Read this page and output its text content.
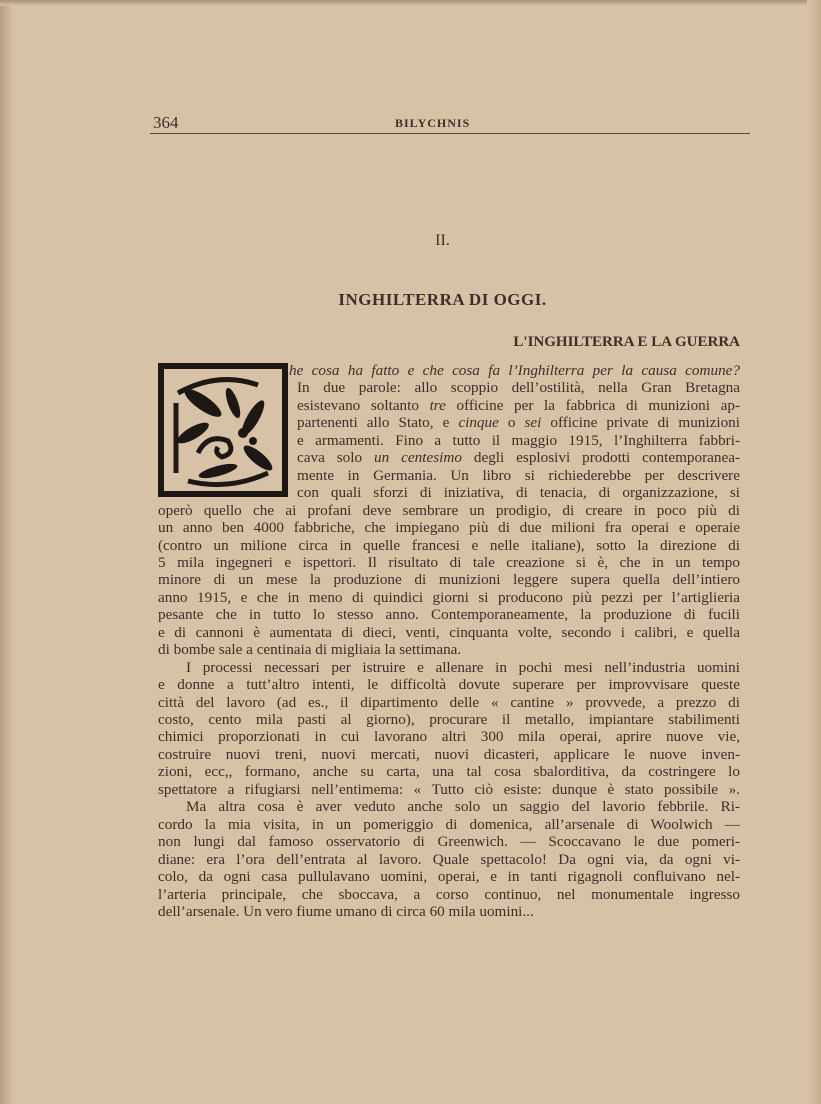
364	BILYCHNIS
II.
INGHILTERRA DI OGGI.
L'INGHILTERRA E LA GUERRA
he cosa ha fatto e che cosa fa l’Inghilterra per la causa comune?
In due parole: allo scoppio dell’ostilità, nella Gran Bretagna
esistevano soltanto tre officine per la fabbrica di munizioni ap-
partenenti allo Stato, e cinque o sei officine private di munizioni
e armamenti. Fino a tutto il maggio 1915, l’Inghilterra fabbri-
cava solo un centesimo degli esplosivi prodotti contemporanea-
mente in Germania. Un libro si richiederebbe per descrivere
con quali sforzi di iniziativa, di tenacia, di organizzazione, si
operò quello che ai profani deve sembrare un prodigio, di creare in poco più di
un anno ben 4000 fabbriche, che impiegano più di due milioni fra operai e operaie
(contro un milione circa in quelle francesi e nelle italiane), sotto la direzione di
5 mila ingegneri e ispettori. Il risultato di tale creazione si è, che in un tempo
minore di un mese la produzione di munizioni leggere supera quella dell’intiero
anno 1915, e che in meno di quindici giorni si producono più pezzi per l’artiglieria
pesante che in tutto lo stesso anno. Contemporaneamente, la produzione di fucili
e di cannoni è aumentata di dieci, venti, cinquanta volte, secondo i calibri, e quella
di bombe sale a centinaia di migliaia la settimana.
I processi necessari per istruire e allenare in pochi mesi nell’industria uomini
e donne a tutt’altro intenti, le difficoltà dovute superare per improvvisare queste
città del lavoro (ad es., il dipartimento delle « cantine » provvede, a prezzo di
costo, cento mila pasti al giorno), procurare il metallo, impiantare stabilimenti
chimici proporzionati in cui lavorano altri 300 mila operai, aprire nuove vie,
costruire nuovi treni, nuovi mercati, nuovi dicasteri, applicare le nuove inven-
zioni, ecc,, formano, anche su carta, una tal cosa sbalorditiva, da costringere lo
spettatore a rifugiarsi nell’entimema: « Tutto ciò esiste: dunque è stato possibile ».
Ma altra cosa è aver veduto anche solo un saggio del lavorio febbrile. Ri-
cordo la mia visita, in un pomeriggio di domenica, all’arsenale di Woolwich —
non lungi dal famoso osservatorio di Greenwich. — Scoccavano le due pomeri-
diane: era l’ora dell’entrata al lavoro. Quale spettacolo! Da ogni via, da ogni vi-
colo, da ogni casa pullulavano uomini, operai, e in tanti rigagnoli confluivano nel-
l’arteria principale, che sboccava, a corso continuo, nel monumentale ingresso
dell’arsenale. Un vero fiume umano di circa 60 mila uomini...
